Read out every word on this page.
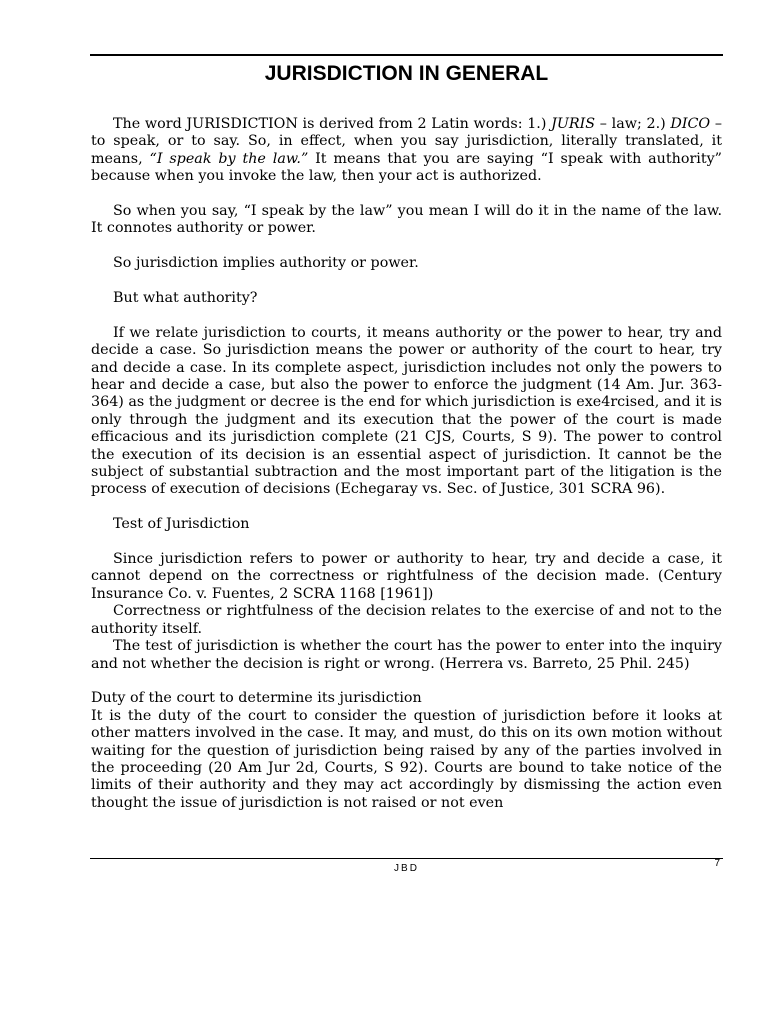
JURISDICTION IN GENERAL

The word JURISDICTION is derived from 2 Latin words: 1.) JURIS – law; 2.) DICO – to speak, or to say. So, in effect, when you say jurisdiction, literally translated, it means, “I speak by the law.” It means that you are saying “I speak with authority” because when you invoke the law, then your act is authorized.

So when you say, “I speak by the law” you mean I will do it in the name of the law. It connotes authority or power.

So jurisdiction implies authority or power.

But what authority?

If we relate jurisdiction to courts, it means authority or the power to hear, try and decide a case. So jurisdiction means the power or authority of the court to hear, try and decide a case. In its complete aspect, jurisdiction includes not only the powers to hear and decide a case, but also the power to enforce the judgment (14 Am. Jur. 363-364) as the judgment or decree is the end for which jurisdiction is exe4rcised, and it is only through the judgment and its execution that the power of the court is made efficacious and its jurisdiction complete (21 CJS, Courts, S 9). The power to control the execution of its decision is an essential aspect of jurisdiction. It cannot be the subject of substantial subtraction and the most important part of the litigation is the process of execution of decisions (Echegaray vs. Sec. of Justice, 301 SCRA 96).

Test of Jurisdiction

Since jurisdiction refers to power or authority to hear, try and decide a case, it cannot depend on the correctness or rightfulness of the decision made. (Century Insurance Co. v. Fuentes, 2 SCRA 1168 [1961])

Correctness or rightfulness of the decision relates to the exercise of and not to the authority itself.

The test of jurisdiction is whether the court has the power to enter into the inquiry and not whether the decision is right or wrong. (Herrera vs. Barreto, 25 Phil. 245)

Duty of the court to determine its jurisdiction

It is the duty of the court to consider the question of jurisdiction before it looks at other matters involved in the case. It may, and must, do this on its own motion without waiting for the question of jurisdiction being raised by any of the parties involved in the proceeding (20 Am Jur 2d, Courts, S 92). Courts are bound to take notice of the limits of their authority and they may act accordingly by dismissing the action even thought the issue of jurisdiction is not raised or not even

JBD	7
